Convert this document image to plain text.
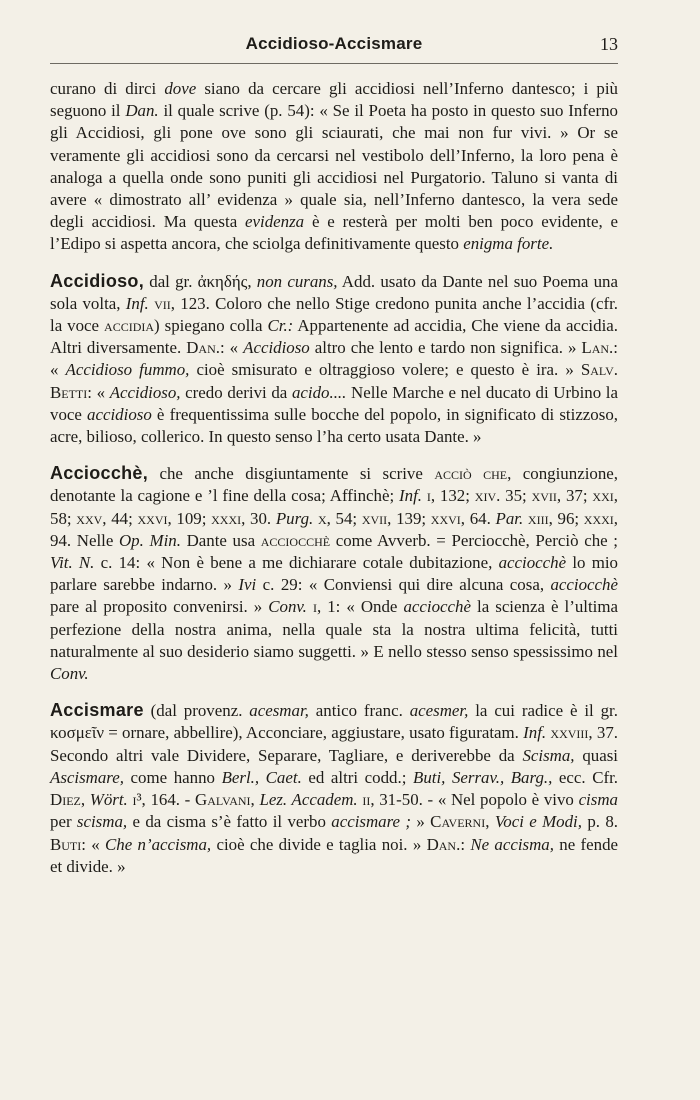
Accidioso-Accismare	13

curano di dirci dove siano da cercare gli accidiosi nell’Inferno dantesco; i più seguono il Dan. il quale scrive (p. 54): « Se il Poeta ha posto in questo suo Inferno gli Accidiosi, gli pone ove sono gli sciaurati, che mai non fur vivi. » Or se veramente gli accidiosi sono da cercarsi nel vestibolo dell’Inferno, la loro pena è analoga a quella onde sono puniti gli accidiosi nel Purgatorio. Taluno si vanta di avere « dimostrato all’ evidenza » quale sia, nell’Inferno dantesco, la vera sede degli accidiosi. Ma questa evidenza è e resterà per molti ben poco evidente, e l’Edipo si aspetta ancora, che sciolga definitivamente questo enigma forte.

Accidioso, dal gr. ἀκηδής, non curans, Add. usato da Dante nel suo Poema una sola volta, Inf. vii, 123. Coloro che nello Stige credono punita anche l’accidia (cfr. la voce accidia) spiegano colla Cr.: Appartenente ad accidia, Che viene da accidia. Altri diversamente. Dan.: « Accidioso altro che lento e tardo non significa. » Lan.: « Accidioso fummo, cioè smisurato e oltraggioso volere; e questo è ira. » Salv. Betti: « Accidioso, credo derivi da acido.... Nelle Marche e nel ducato di Urbino la voce accidioso è frequentissima sulle bocche del popolo, in significato di stizzoso, acre, bilioso, collerico. In questo senso l’ha certo usata Dante. »

Acciocchè, che anche disgiuntamente si scrive acciò che, congiunzione, denotante la cagione e ’l fine della cosa; Affinchè; Inf. i, 132; xiv. 35; xvii, 37; xxi, 58; xxv, 44; xxvi, 109; xxxi, 30. Purg. x, 54; xvii, 139; xxvi, 64. Par. xiii, 96; xxxi, 94. Nelle Op. Min. Dante usa acciocchè come Avverb. = Perciocchè, Perciò che ; Vit. N. c. 14: « Non è bene a me dichiarare cotale dubitazione, acciocchè lo mio parlare sarebbe indarno. » Ivi c. 29: « Conviensi qui dire alcuna cosa, acciocchè pare al proposito convenirsi. » Conv. i, 1: « Onde acciocchè la scienza è l’ultima perfezione della nostra anima, nella quale sta la nostra ultima felicità, tutti naturalmente al suo desiderio siamo suggetti. » E nello stesso senso spessissimo nel Conv.

Accismare (dal provenz. acesmar, antico franc. acesmer, la cui radice è il gr. κοσμεῖν = ornare, abbellire), Acconciare, aggiustare, usato figuratam. Inf. xxviii, 37. Secondo altri vale Dividere, Separare, Tagliare, e deriverebbe da Scisma, quasi Ascismare, come hanno Berl., Caet. ed altri codd.; Buti, Serrav., Barg., ecc. Cfr. Diez, Wört. i³, 164. - Galvani, Lez. Accadem. ii, 31-50. - « Nel popolo è vivo cisma per scisma, e da cisma s’è fatto il verbo accismare ; » Caverni, Voci e Modi, p. 8. Buti: « Che n’accisma, cioè che divide e taglia noi. » Dan.: Ne accisma, ne fende et divide. »
